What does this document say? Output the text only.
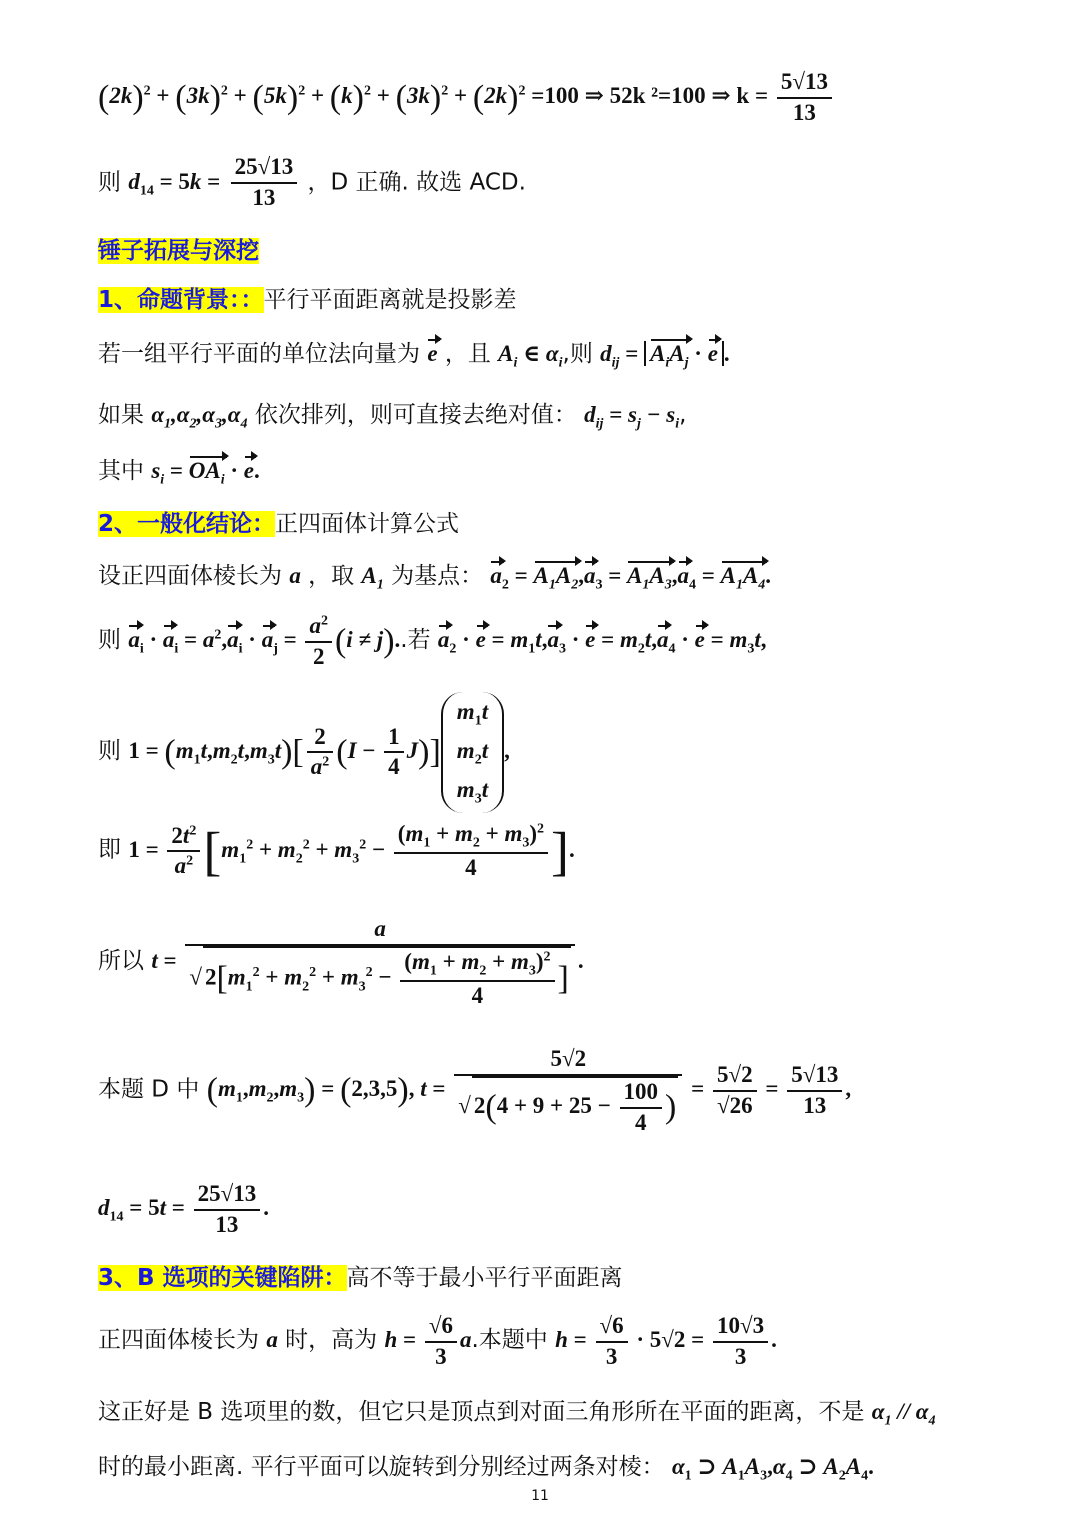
$(2k)^2 + (3k)^2 + (5k)^2 + (k)^2 + (3k)^2 + (2k)^2 =100$ ⇒ 52k ²=100 ⇒ $k = \frac{5√13}{13}$
则 $d_{14} = 5k = \frac{25√13}{13}$ ，D 正确. 故选 ACD.
锤子拓展与深挖
1、命题背景：：平行平面距离就是投影差
若一组平行平面的单位法向量为 e ，且 $A_i$ ∈ $\alpha_i$,则 $d_{ij} = A_iA_j \cdot e$ .
如果 $\alpha_1,\alpha_2,\alpha_3,\alpha_4$ 依次排列，则可直接去绝对值： $d_{ij} = s_j - s_i$,
其中 $s_i = OA_i \cdot e$.
2、一般化结论：正四面体计算公式
设正四面体棱长为 a ，取 $A_1$ 为基点： $a_2 = A_1A_2,a_3 = A_1A_3,a_4 = A_1A_4$.
则 $a_i \cdot a_i = a^2,a_i \cdot a_j = \frac{a^2}{2} (i \ne j)$..若 $a_2 \cdot e = m_1t,a_3 \cdot e = m_2t,a_4 \cdot e = m_3t$,
则 $1 = (m_1t,m_2t,m_3t)[ \frac{2}{a^2} (I - \frac{1}{4} J)]m_1t$
$m_2t$
$m_3t$,
即 $1 = \frac{2t^2}{a^2} [m_1^2 + m_2^2 + m_3^2 - \frac{(m_1 + m_2 + m_3)^2}{4}$ ].
所以 $t = \frac{a}{√ 2[m_1^2 + m_2^2 + m_3^2 - \frac{(m_1 + m_2 + m_3)^2}{4} ]}$ .
本题 D 中 $(m_1,m_2,m_3) = (2,3,5)$, $t = \frac{5√2}{√ 2(4 + 9 + 25 - \frac{100}{4} )} = \frac{5√2}{√26} = \frac{5√13}{13}$ ,
$d_{14} = 5t = \frac{25√13}{13}$ .
3、B 选项的关键陷阱：高不等于最小平行平面距离
正四面体棱长为 a 时，高为 $h = \frac{√6}{3} a$.本题中 $h = \frac{√6}{3} \cdot 5√2 = \frac{10√3}{3}$ .
这正好是 B 选项里的数，但它只是顶点到对面三角形所在平面的距离，不是 $\alpha_1 // \alpha_4$
时的最小距离. 平行平面可以旋转到分别经过两条对棱： $\alpha_1$ ⊃ $A_1A_3,\alpha_4$ ⊃ $A_2A_4$.
11
